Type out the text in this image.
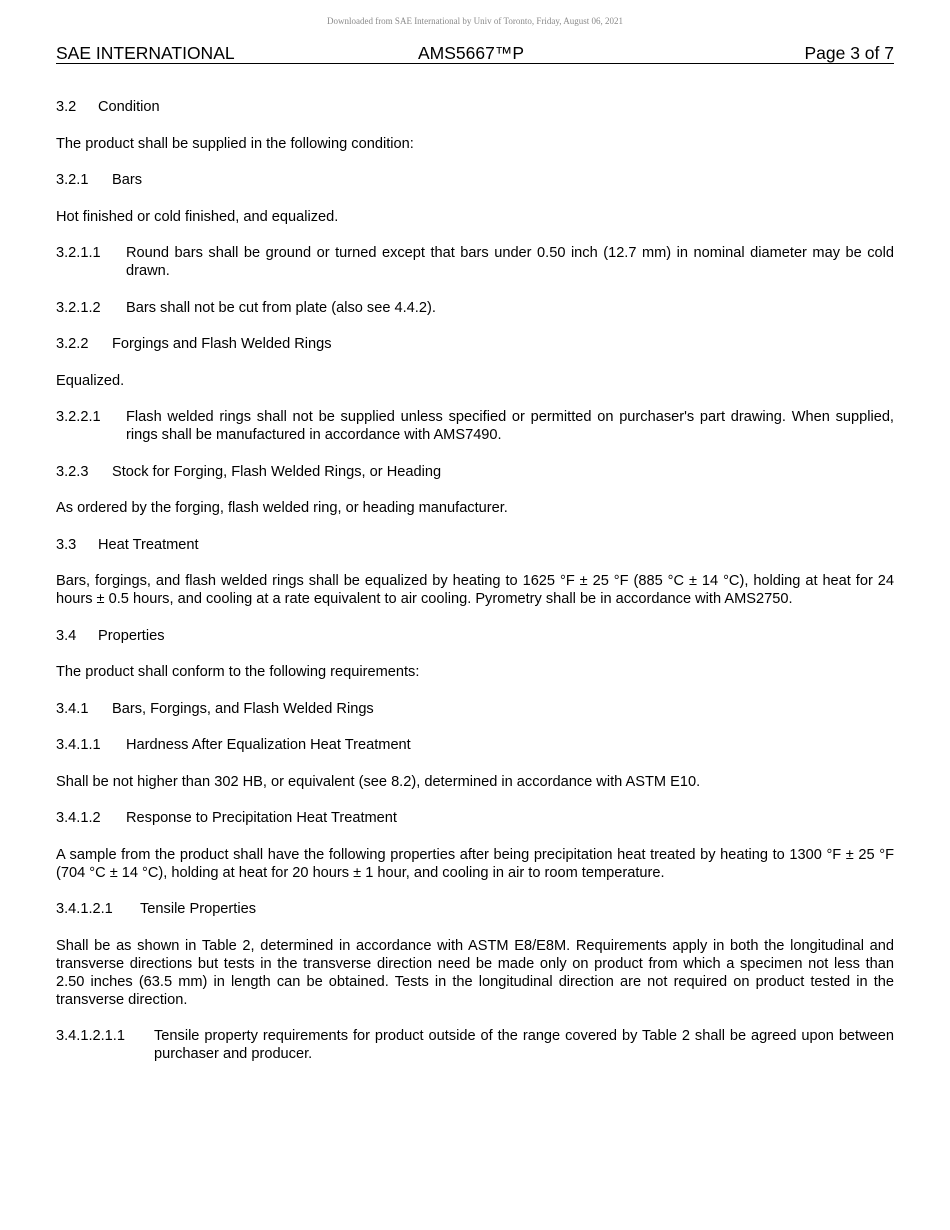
Downloaded from SAE International by Univ of Toronto, Friday, August 06, 2021
SAE INTERNATIONAL	AMS5667™P	Page 3 of 7
3.2	Condition
The product shall be supplied in the following condition:
3.2.1	Bars
Hot finished or cold finished, and equalized.
3.2.1.1	Round bars shall be ground or turned except that bars under 0.50 inch (12.7 mm) in nominal diameter may be cold drawn.
3.2.1.2	Bars shall not be cut from plate (also see 4.4.2).
3.2.2	Forgings and Flash Welded Rings
Equalized.
3.2.2.1	Flash welded rings shall not be supplied unless specified or permitted on purchaser's part drawing. When supplied, rings shall be manufactured in accordance with AMS7490.
3.2.3	Stock for Forging, Flash Welded Rings, or Heading
As ordered by the forging, flash welded ring, or heading manufacturer.
3.3	Heat Treatment
Bars, forgings, and flash welded rings shall be equalized by heating to 1625 °F ± 25 °F (885 °C ± 14 °C), holding at heat for 24 hours ± 0.5 hours, and cooling at a rate equivalent to air cooling. Pyrometry shall be in accordance with AMS2750.
3.4	Properties
The product shall conform to the following requirements:
3.4.1	Bars, Forgings, and Flash Welded Rings
3.4.1.1	Hardness After Equalization Heat Treatment
Shall be not higher than 302 HB, or equivalent (see 8.2), determined in accordance with ASTM E10.
3.4.1.2	Response to Precipitation Heat Treatment
A sample from the product shall have the following properties after being precipitation heat treated by heating to 1300 °F ± 25 °F (704 °C ± 14 °C), holding at heat for 20 hours ± 1 hour, and cooling in air to room temperature.
3.4.1.2.1	Tensile Properties
Shall be as shown in Table 2, determined in accordance with ASTM E8/E8M. Requirements apply in both the longitudinal and transverse directions but tests in the transverse direction need be made only on product from which a specimen not less than 2.50 inches (63.5 mm) in length can be obtained. Tests in the longitudinal direction are not required on product tested in the transverse direction.
3.4.1.2.1.1	Tensile property requirements for product outside of the range covered by Table 2 shall be agreed upon between purchaser and producer.
